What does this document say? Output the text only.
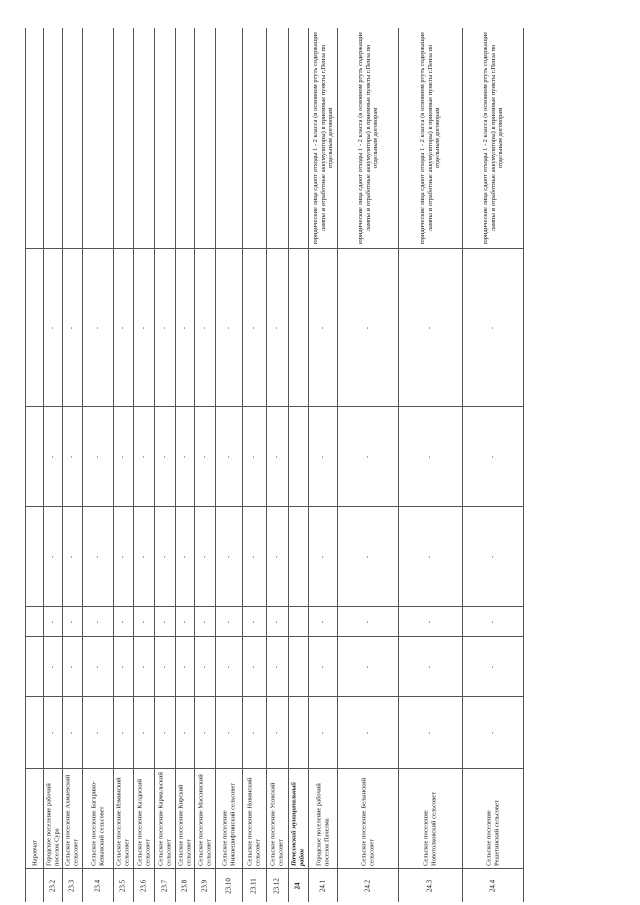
Наровчат
-
-
-
-
-
-
Городское поселение рабочий поселок Сура
23.2
-
-
-
-
-
-
Сельское поселение Ахмаевский сельсовет
23.3
-
-
-
-
-
-
Сельское поселение Багарино-Кевынский сельсовет
23.4
-
-
-
-
-
-
Сельское поселение Изминский сельсовет
23.5
-
-
-
-
-
-
Сельское поселение Калдаский сельсовет
23.6
-
-
-
-
-
-
Сельское поселение Кармальский сельсовет
23.7
-
-
-
-
-
-
Сельское поселение Кирский сельсовет
23.8
-
-
-
-
-
-
Сельское поселение Массинский сельсовет
23.9
-
-
-
-
-
-
Сельское поселение Нижнешифтинский сельсовет
23.10
-
-
-
-
-
-
Сельское поселение Новинский сельсовет
23.11
-
-
-
-
-
-
Сельское поселение Усовский сельсовет
23.12
Пачелмский муниципальный район
24
юридические лица сдают отходы 1 - 2 класса (в основном ртуть содержащие лампы и отработные аккумуляторы) в приемные пункты г.Пенза по отдельным договорам
-
-
-
-
-
-
Городское поселение рабочий поселок Пачелма
24.1
юридические лица сдают отходы 1 - 2 класса (в основном ртуть содержащие лампы и отработные аккумуляторы) в приемные пункты г.Пенза по отдельным договорам
-
-
-
-
-
-
Сельское поселение Белынский сельсовет
24.2
юридические лица сдают отходы 1 - 2 класса (в основном ртуть содержащие лампы и отработные аккумуляторы) в приемные пункты г.Пенза по отдельным договорам
-
-
-
-
-
-
Сельское поселение Новотолковский сельсовет
24.3
юридические лица сдают отходы 1 - 2 класса (в основном ртуть содержащие лампы и отработные аккумуляторы) в приемные пункты г.Пенза по отдельным договорам
-
-
-
-
-
-
Сельское поселение Решетинский сельсовет
24.4
